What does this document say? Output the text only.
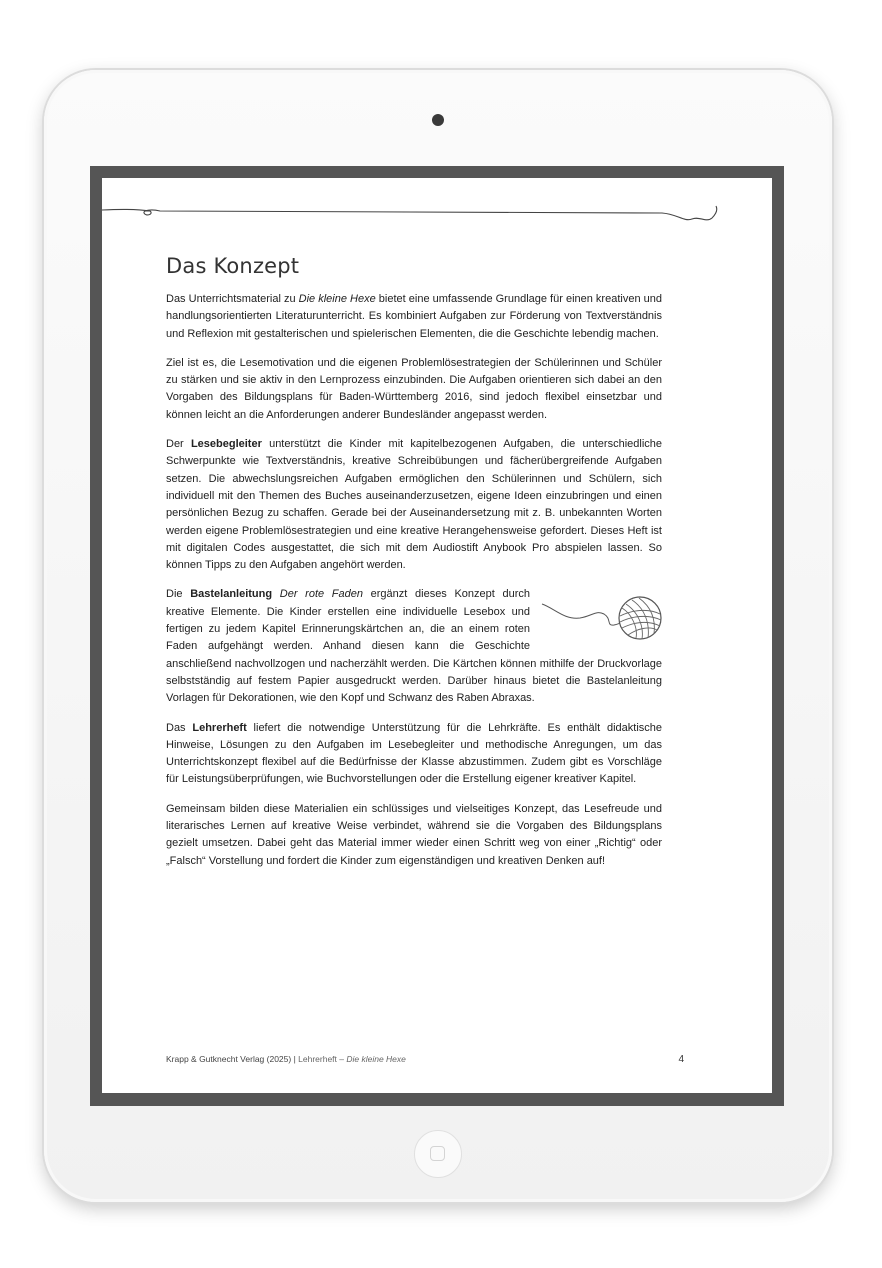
Das Konzept

Das Unterrichtsmaterial zu Die kleine Hexe bietet eine umfassende Grundlage für einen kreativen und handlungsorientierten Literaturunterricht. Es kombiniert Aufgaben zur Förderung von Textverständnis und Reflexion mit gestalterischen und spielerischen Elementen, die die Geschichte lebendig machen.

Ziel ist es, die Lesemotivation und die eigenen Problemlösestrategien der Schülerinnen und Schüler zu stärken und sie aktiv in den Lernprozess einzubinden. Die Aufgaben orientieren sich dabei an den Vorgaben des Bildungsplans für Baden-Württemberg 2016, sind jedoch flexibel einsetzbar und können leicht an die Anforderungen anderer Bundesländer angepasst werden.

Der Lesebegleiter unterstützt die Kinder mit kapitelbezogenen Aufgaben, die unterschiedliche Schwerpunkte wie Textverständnis, kreative Schreibübungen und fächerübergreifende Aufgaben setzen. Die abwechslungsreichen Aufgaben ermöglichen den Schülerinnen und Schülern, sich individuell mit den Themen des Buches auseinanderzusetzen, eigene Ideen einzubringen und einen persönlichen Bezug zu schaffen. Gerade bei der Auseinandersetzung mit z. B. unbekannten Worten werden eigene Problemlösestrategien und eine kreative Herangehensweise gefordert. Dieses Heft ist mit digitalen Codes ausgestattet, die sich mit dem Audiostift Anybook Pro abspielen lassen. So können Tipps zu den Aufgaben angehört werden.

Die Bastelanleitung Der rote Faden ergänzt dieses Konzept durch kreative Elemente. Die Kinder erstellen eine individuelle Lesebox und fertigen zu jedem Kapitel Erinnerungskärtchen an, die an einem roten Faden aufgehängt werden. Anhand diesen kann die Geschichte anschließend nachvollzogen und nacherzählt werden. Die Kärtchen können mithilfe der Druckvorlage selbstständig auf festem Papier ausgedruckt werden. Darüber hinaus bietet die Bastelanleitung Vorlagen für Dekorationen, wie den Kopf und Schwanz des Raben Abraxas.

Das Lehrerheft liefert die notwendige Unterstützung für die Lehrkräfte. Es enthält didaktische Hinweise, Lösungen zu den Aufgaben im Lesebegleiter und methodische Anregungen, um das Unterrichtskonzept flexibel auf die Bedürfnisse der Klasse abzustimmen. Zudem gibt es Vorschläge für Leistungsüberprüfungen, wie Buchvorstellungen oder die Erstellung eigener kreativer Kapitel.

Gemeinsam bilden diese Materialien ein schlüssiges und vielseitiges Konzept, das Lesefreude und literarisches Lernen auf kreative Weise verbindet, während sie die Vorgaben des Bildungsplans gezielt umsetzen. Dabei geht das Material immer wieder einen Schritt weg von einer „Richtig“ oder „Falsch“ Vorstellung und fordert die Kinder zum eigenständigen und kreativen Denken auf!

Krapp & Gutknecht Verlag (2025) | Lehrerheft – Die kleine Hexe	4
